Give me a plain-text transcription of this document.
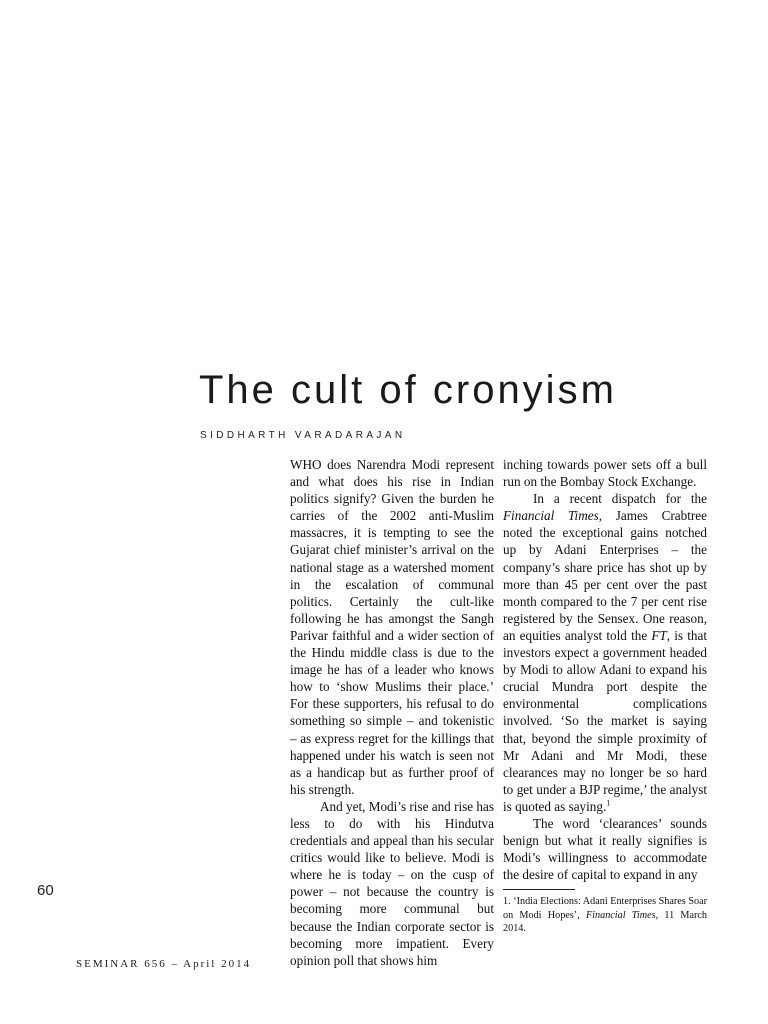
The cult of cronyism
SIDDHARTH VARADARAJAN

WHO does Narendra Modi represent and what does his rise in Indian politics signify? Given the burden he carries of the 2002 anti-Muslim massacres, it is tempting to see the Gujarat chief minister’s arrival on the national stage as a watershed moment in the escalation of communal politics. Certainly the cult-like following he has amongst the Sangh Parivar faithful and a wider section of the Hindu middle class is due to the image he has of a leader who knows how to ‘show Muslims their place.’ For these supporters, his refusal to do something so simple – and tokenistic – as express regret for the killings that happened under his watch is seen not as a handicap but as further proof of his strength.

And yet, Modi’s rise and rise has less to do with his Hindutva credentials and appeal than his secular critics would like to believe. Modi is where he is today – on the cusp of power – not because the country is becoming more communal but because the Indian corporate sector is becoming more impatient. Every opinion poll that shows him

inching towards power sets off a bull run on the Bombay Stock Exchange.

In a recent dispatch for the Financial Times, James Crabtree noted the exceptional gains notched up by Adani Enterprises – the company’s share price has shot up by more than 45 per cent over the past month compared to the 7 per cent rise registered by the Sensex. One reason, an equities analyst told the FT, is that investors expect a government headed by Modi to allow Adani to expand his crucial Mundra port despite the environmental complications involved. ‘So the market is saying that, beyond the simple proximity of Mr Adani and Mr Modi, these clearances may no longer be so hard to get under a BJP regime,’ the analyst is quoted as saying.$^1$

The word ‘clearances’ sounds benign but what it really signifies is Modi’s willingness to accommodate the desire of capital to expand in any

1. ‘India Elections: Adani Enterprises Shares Soar on Modi Hopes’, Financial Times, 11 March 2014.
60
SEMINAR 656 – April 2014
